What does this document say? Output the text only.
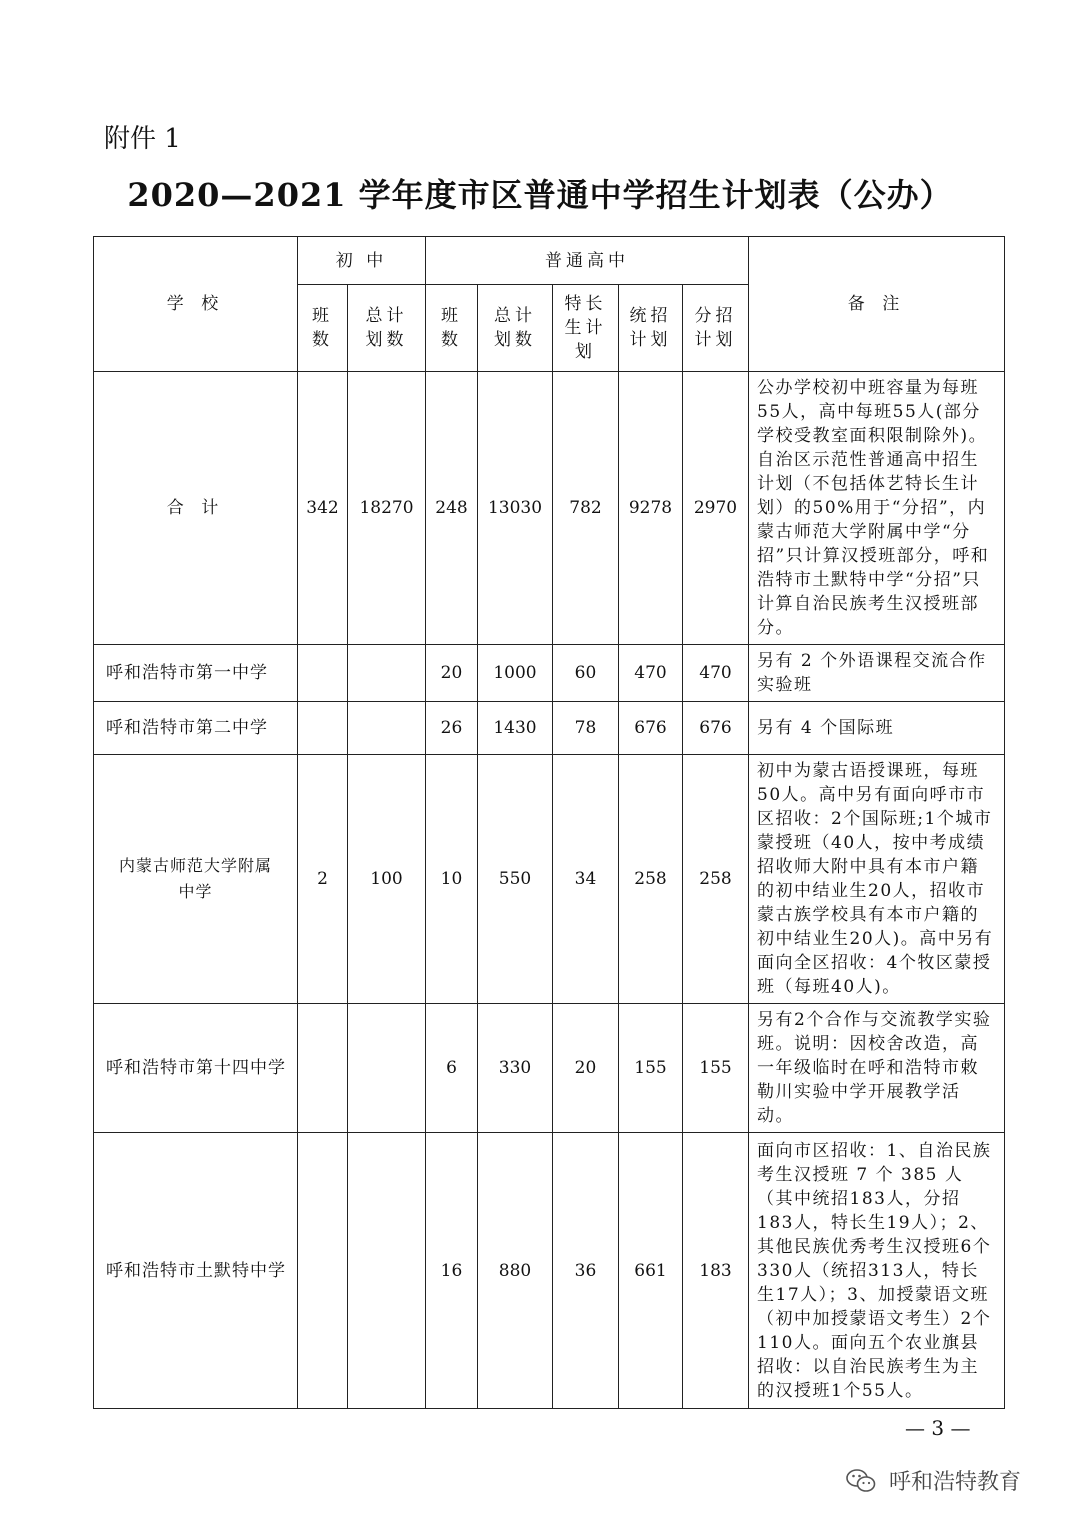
附件 1
2020—2021 学年度市区普通中学招生计划表（公办）
学 校	初 中		普通高中					备 注
	班数	总计划数	班数	总计划数	特长生计划	统招计划	分招计划	
合 计	342	18270	248	13030	782	9278	2970	公办学校初中班容量为每班55人，高中每班55人(部分学校受教室面积限制除外)。自治区示范性普通高中招生计划（不包括体艺特长生计划）的50%用于“分招”，内蒙古师范大学附属中学“分招”只计算汉授班部分，呼和浩特市土默特中学“分招”只计算自治民族考生汉授班部分。
呼和浩特市第一中学			20	1000	60	470	470	另有 2 个外语课程交流合作实验班
呼和浩特市第二中学			26	1430	78	676	676	另有 4 个国际班
内蒙古师范大学附属中学	2	100	10	550	34	258	258	初中为蒙古语授课班，每班50人。高中另有面向呼市市区招收：2个国际班;1个城市蒙授班（40人，按中考成绩招收师大附中具有本市户籍的初中结业生20人，招收市蒙古族学校具有本市户籍的初中结业生20人)。高中另有面向全区招收：4个牧区蒙授班（每班40人)。
呼和浩特市第十四中学			6	330	20	155	155	另有2个合作与交流教学实验班。说明：因校舍改造，高一年级临时在呼和浩特市敕勒川实验中学开展教学活动。
呼和浩特市土默特中学			16	880	36	661	183	面向市区招收：1、自治民族考生汉授班 7 个 385 人（其中统招183人，分招183人，特长生19人）；2、其他民族优秀考生汉授班6个330人（统招313人，特长生17人）；3、加授蒙语文班（初中加授蒙语文考生）2个110人。面向五个农业旗县招收：以自治民族考生为主的汉授班1个55人。
— 3 —
呼和浩特教育
